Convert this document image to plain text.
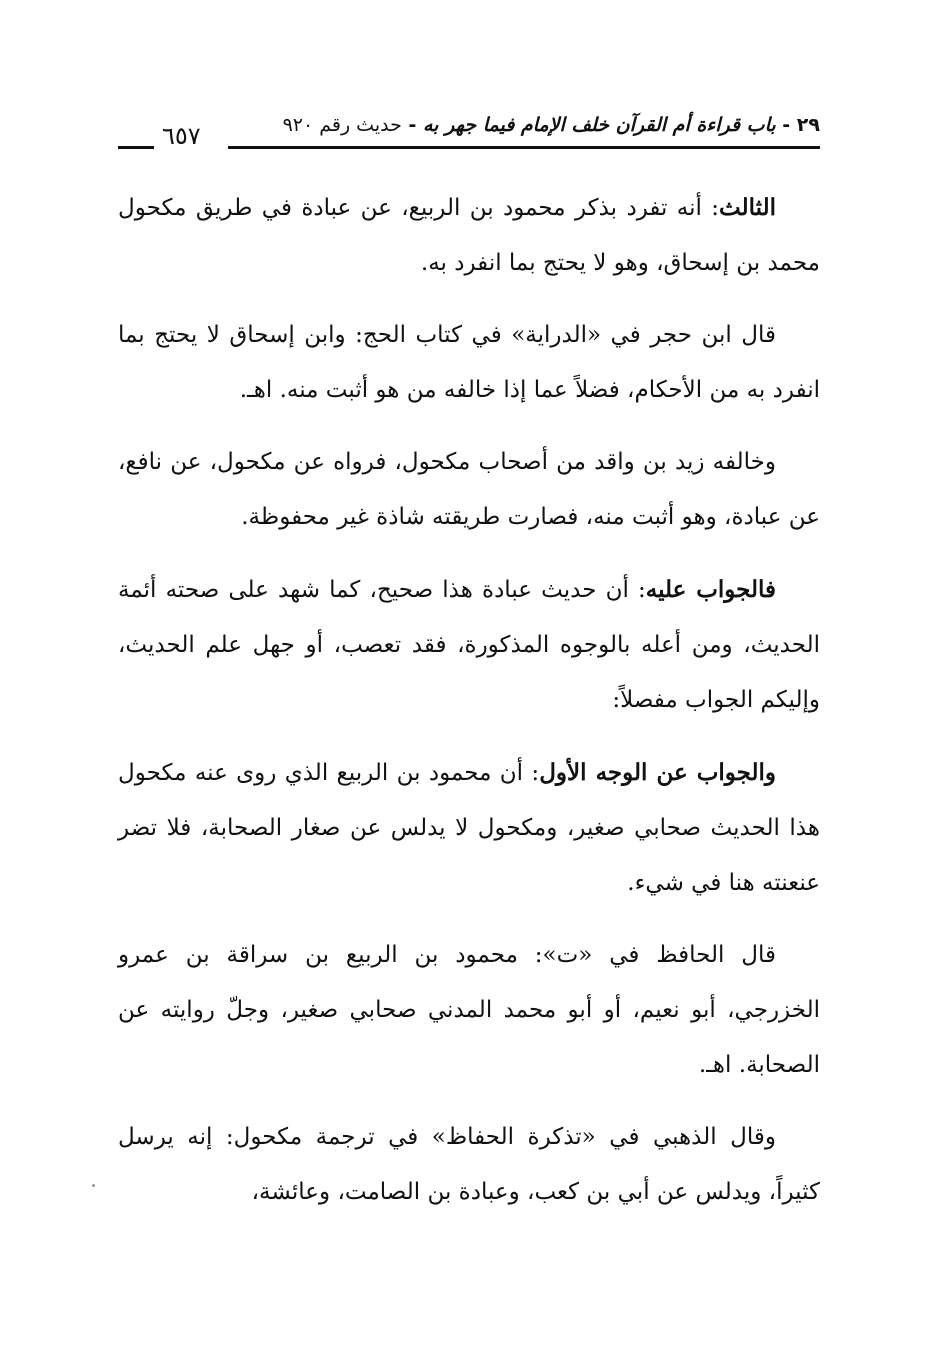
٢٩ - باب قراءة أم القرآن خلف الإمام فيما جهر به - حديث رقم ٩٢٠
٦٥٧

الثالث: أنه تفرد بذكر محمود بن الربيع، عن عبادة في طريق مكحول محمد بن إسحاق، وهو لا يحتج بما انفرد به.

قال ابن حجر في «الدراية» في كتاب الحج: وابن إسحاق لا يحتج بما انفرد به من الأحكام، فضلاً عما إذا خالفه من هو أثبت منه. اهـ.

وخالفه زيد بن واقد من أصحاب مكحول، فرواه عن مكحول، عن نافع، عن عبادة، وهو أثبت منه، فصارت طريقته شاذة غير محفوظة.

فالجواب عليه: أن حديث عبادة هذا صحيح، كما شهد على صحته أئمة الحديث، ومن أعله بالوجوه المذكورة، فقد تعصب، أو جهل علم الحديث، وإليكم الجواب مفصلاً:

والجواب عن الوجه الأول: أن محمود بن الربيع الذي روى عنه مكحول هذا الحديث صحابي صغير، ومكحول لا يدلس عن صغار الصحابة، فلا تضر عنعنته هنا في شيء.

قال الحافظ في «ت»: محمود بن الربيع بن سراقة بن عمرو الخزرجي، أبو نعيم، أو أبو محمد المدني صحابي صغير، وجلّ روايته عن الصحابة. اهـ.

وقال الذهبي في «تذكرة الحفاظ» في ترجمة مكحول: إنه يرسل كثيراً، ويدلس عن أبي بن كعب، وعبادة بن الصامت، وعائشة،
